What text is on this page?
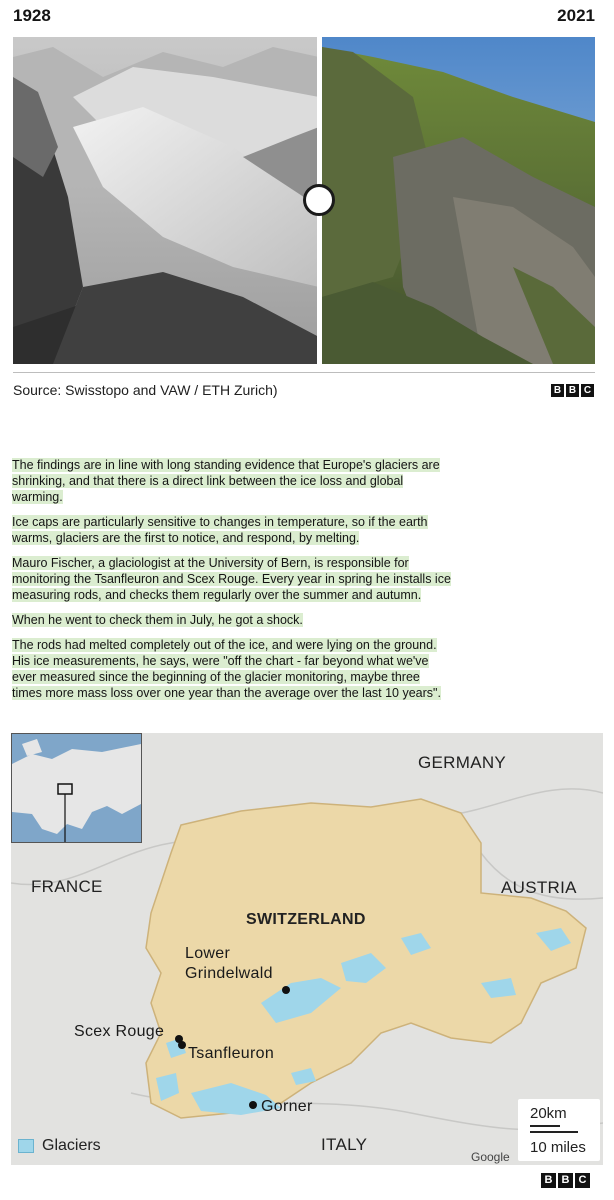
1928	2021
Source: Swisstopo and VAW / ETH Zurich)	B B C

The findings are in line with long standing evidence that Europe's glaciers are shrinking, and that there is a direct link between the ice loss and global warming.

Ice caps are particularly sensitive to changes in temperature, so if the earth warms, glaciers are the first to notice, and respond, by melting.

Mauro Fischer, a glaciologist at the University of Bern, is responsible for monitoring the Tsanfleuron and Scex Rouge. Every year in spring he installs ice measuring rods, and checks them regularly over the summer and autumn.

When he went to check them in July, he got a shock.

The rods had melted completely out of the ice, and were lying on the ground. His ice measurements, he says, were "off the chart - far beyond what we've ever measured since the beginning of the glacier monitoring, maybe three times more mass loss over one year than the average over the last 10 years".

GERMANY
FRANCE	AUSTRIA
SWITZERLAND
ITALY
Lower
Grindelwald
Scex Rouge
Tsanfleuron
Gorner
Glaciers
20km
10 miles
Google
B B C
